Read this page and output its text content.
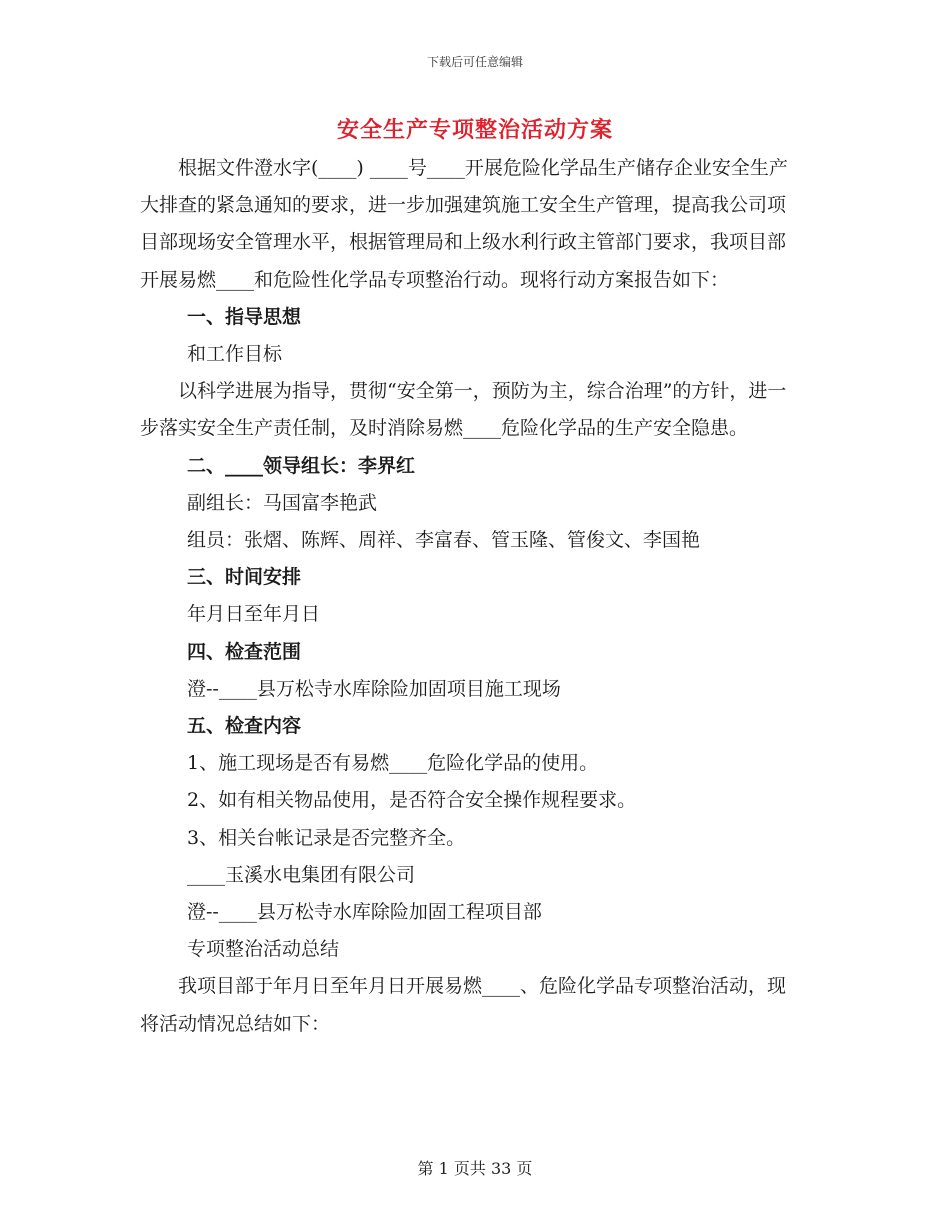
下载后可任意编辑
安全生产专项整治活动方案

根据文件澄水字(____) ____号____开展危险化学品生产储存企业安全生产大排查的紧急通知的要求，进一步加强建筑施工安全生产管理，提高我公司项目部现场安全管理水平，根据管理局和上级水利行政主管部门要求，我项目部开展易燃____和危险性化学品专项整治行动。现将行动方案报告如下：

一、指导思想

和工作目标

以科学进展为指导，贯彻“安全第一，预防为主，综合治理”的方针，进一步落实安全生产责任制，及时消除易燃____危险化学品的生产安全隐患。

二、____领导组长：李界红

副组长：马国富李艳武

组员：张熠、陈辉、周祥、李富春、管玉隆、管俊文、李国艳

三、时间安排

年月日至年月日

四、检查范围

澄--____县万松寺水库除险加固项目施工现场

五、检查内容

1、施工现场是否有易燃____危险化学品的使用。

2、如有相关物品使用，是否符合安全操作规程要求。

3、相关台帐记录是否完整齐全。

____玉溪水电集团有限公司

澄--____县万松寺水库除险加固工程项目部

专项整治活动总结

我项目部于年月日至年月日开展易燃____、危险化学品专项整治活动，现将活动情况总结如下：

第 1 页共 33 页
